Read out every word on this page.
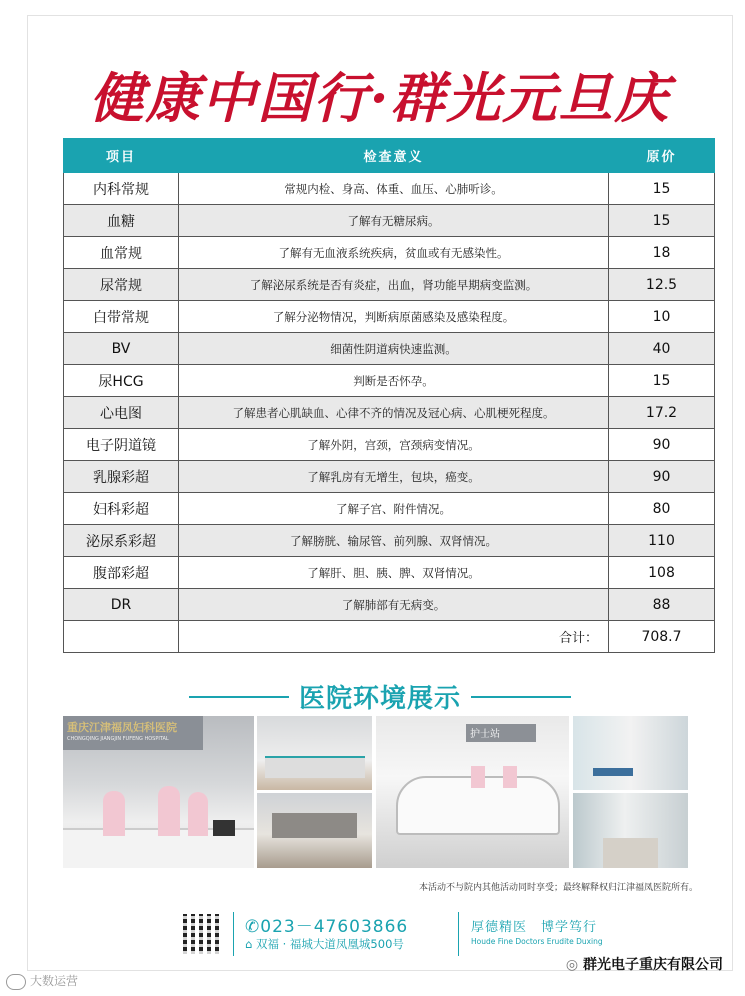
健康中国行·群光元旦庆
项目	检查意义	原价
内科常规	常规内检、身高、体重、血压、心肺听诊。	15
血糖	了解有无糖尿病。	15
血常规	了解有无血液系统疾病，贫血或有无感染性。	18
尿常规	了解泌尿系统是否有炎症，出血，肾功能早期病变监测。	12.5
白带常规	了解分泌物情况，判断病原菌感染及感染程度。	10
BV	细菌性阴道病快速监测。	40
尿HCG	判断是否怀孕。	15
心电图	了解患者心肌缺血、心律不齐的情况及冠心病、心肌梗死程度。	17.2
电子阴道镜	了解外阴，宫颈，宫颈病变情况。	90
乳腺彩超	了解乳房有无增生，包块，癌变。	90
妇科彩超	了解子宫、附件情况。	80
泌尿系彩超	了解膀胱、输尿管、前列腺、双肾情况。	110
腹部彩超	了解肝、胆、胰、脾、双肾情况。	108
DR	了解肺部有无病变。	88
	合计：	708.7
医院环境展示
重庆江津福凤妇科医院
CHONGQING JIANGJIN FUFENG HOSPITAL	护士站
本活动不与院内其他活动同时享受；最终解释权归江津福凤医院所有。
✆023－47603866
⌂ 双福 · 福城大道凤凰城500号
厚德精医　博学笃行
Houde Fine Doctors Erudite Duxing
大数运营
◎ 群光电子重庆有限公司
